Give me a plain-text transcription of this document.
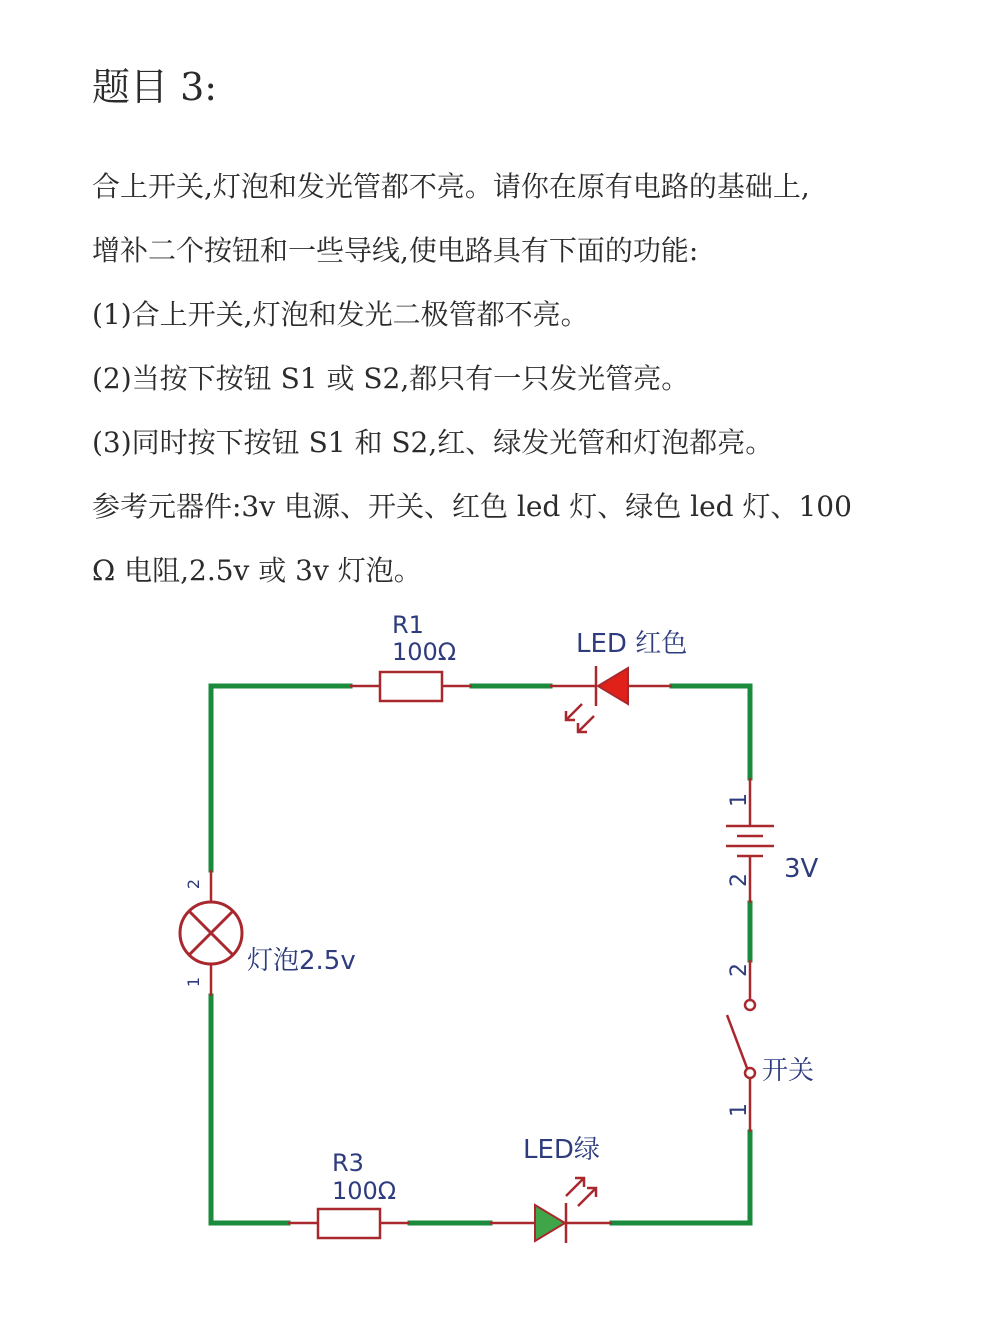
题目 3:
合上开关,灯泡和发光管都不亮。请你在原有电路的基础上,
增补二个按钮和一些导线,使电路具有下面的功能:
(1)合上开关,灯泡和发光二极管都不亮。
(2)当按下按钮 S1 或 S2,都只有一只发光管亮。
(3)同时按下按钮 S1 和 S2,红、绿发光管和灯泡都亮。
参考元器件:3v 电源、开关、红色 led 灯、绿色 led 灯、100
Ω 电阻,2.5v 或 3v 灯泡。
R1
100Ω	LED 红色
1
2 3V
2
1
开关
LED绿
R3
100Ω
2
1
灯泡2.5v
